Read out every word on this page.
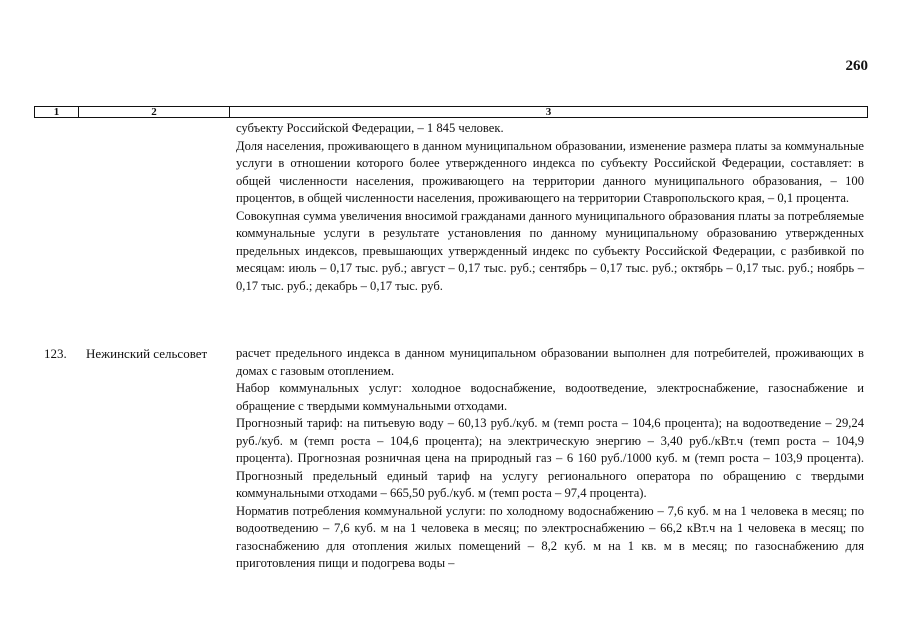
260
1	2	3

субъекту Российской Федерации, – 1 845 человек.

Доля населения, проживающего в данном муниципальном образовании, изменение размера платы за коммунальные услуги в отношении которого более утвержденного индекса по субъекту Российской Федерации, составляет: в общей численности населения, проживающего на территории данного муниципального образования, – 100 процентов, в общей численности населения, проживающего на территории Ставропольского края, – 0,1 процента.

Совокупная сумма увеличения вносимой гражданами данного муниципального образования платы за потребляемые коммунальные услуги в результате установления по данному муниципальному образованию утвержденных предельных индексов, превышающих утвержденный индекс по субъекту Российской Федерации, с разбивкой по месяцам: июль – 0,17 тыс. руб.; август – 0,17 тыс. руб.; сентябрь – 0,17 тыс. руб.; октябрь – 0,17 тыс. руб.; ноябрь – 0,17 тыс. руб.; декабрь – 0,17 тыс. руб.

123.	Нежинский сельсовет	расчет предельного индекса в данном муниципальном образовании выполнен для потребителей, проживающих в домах с газовым отоплением.

Набор коммунальных услуг: холодное водоснабжение, водоотведение, электроснабжение, газоснабжение и обращение с твердыми коммунальными отходами.

Прогнозный тариф: на питьевую воду – 60,13 руб./куб. м (темп роста – 104,6 процента); на водоотведение – 29,24 руб./куб. м (темп роста – 104,6 процента); на электрическую энергию – 3,40 руб./кВт.ч (темп роста – 104,9 процента). Прогнозная розничная цена на природный газ – 6 160 руб./1000 куб. м (темп роста – 103,9 процента). Прогнозный предельный единый тариф на услугу регионального оператора по обращению с твердыми коммунальными отходами – 665,50 руб./куб. м (темп роста – 97,4 процента).

Норматив потребления коммунальной услуги: по холодному водоснабжению – 7,6 куб. м на 1 человека в месяц; по водоотведению – 7,6 куб. м на 1 человека в месяц; по электроснабжению – 66,2 кВт.ч на 1 человека в месяц; по газоснабжению для отопления жилых помещений – 8,2 куб. м на 1 кв. м в месяц; по газоснабжению для приготовления пищи и подогрева воды –
